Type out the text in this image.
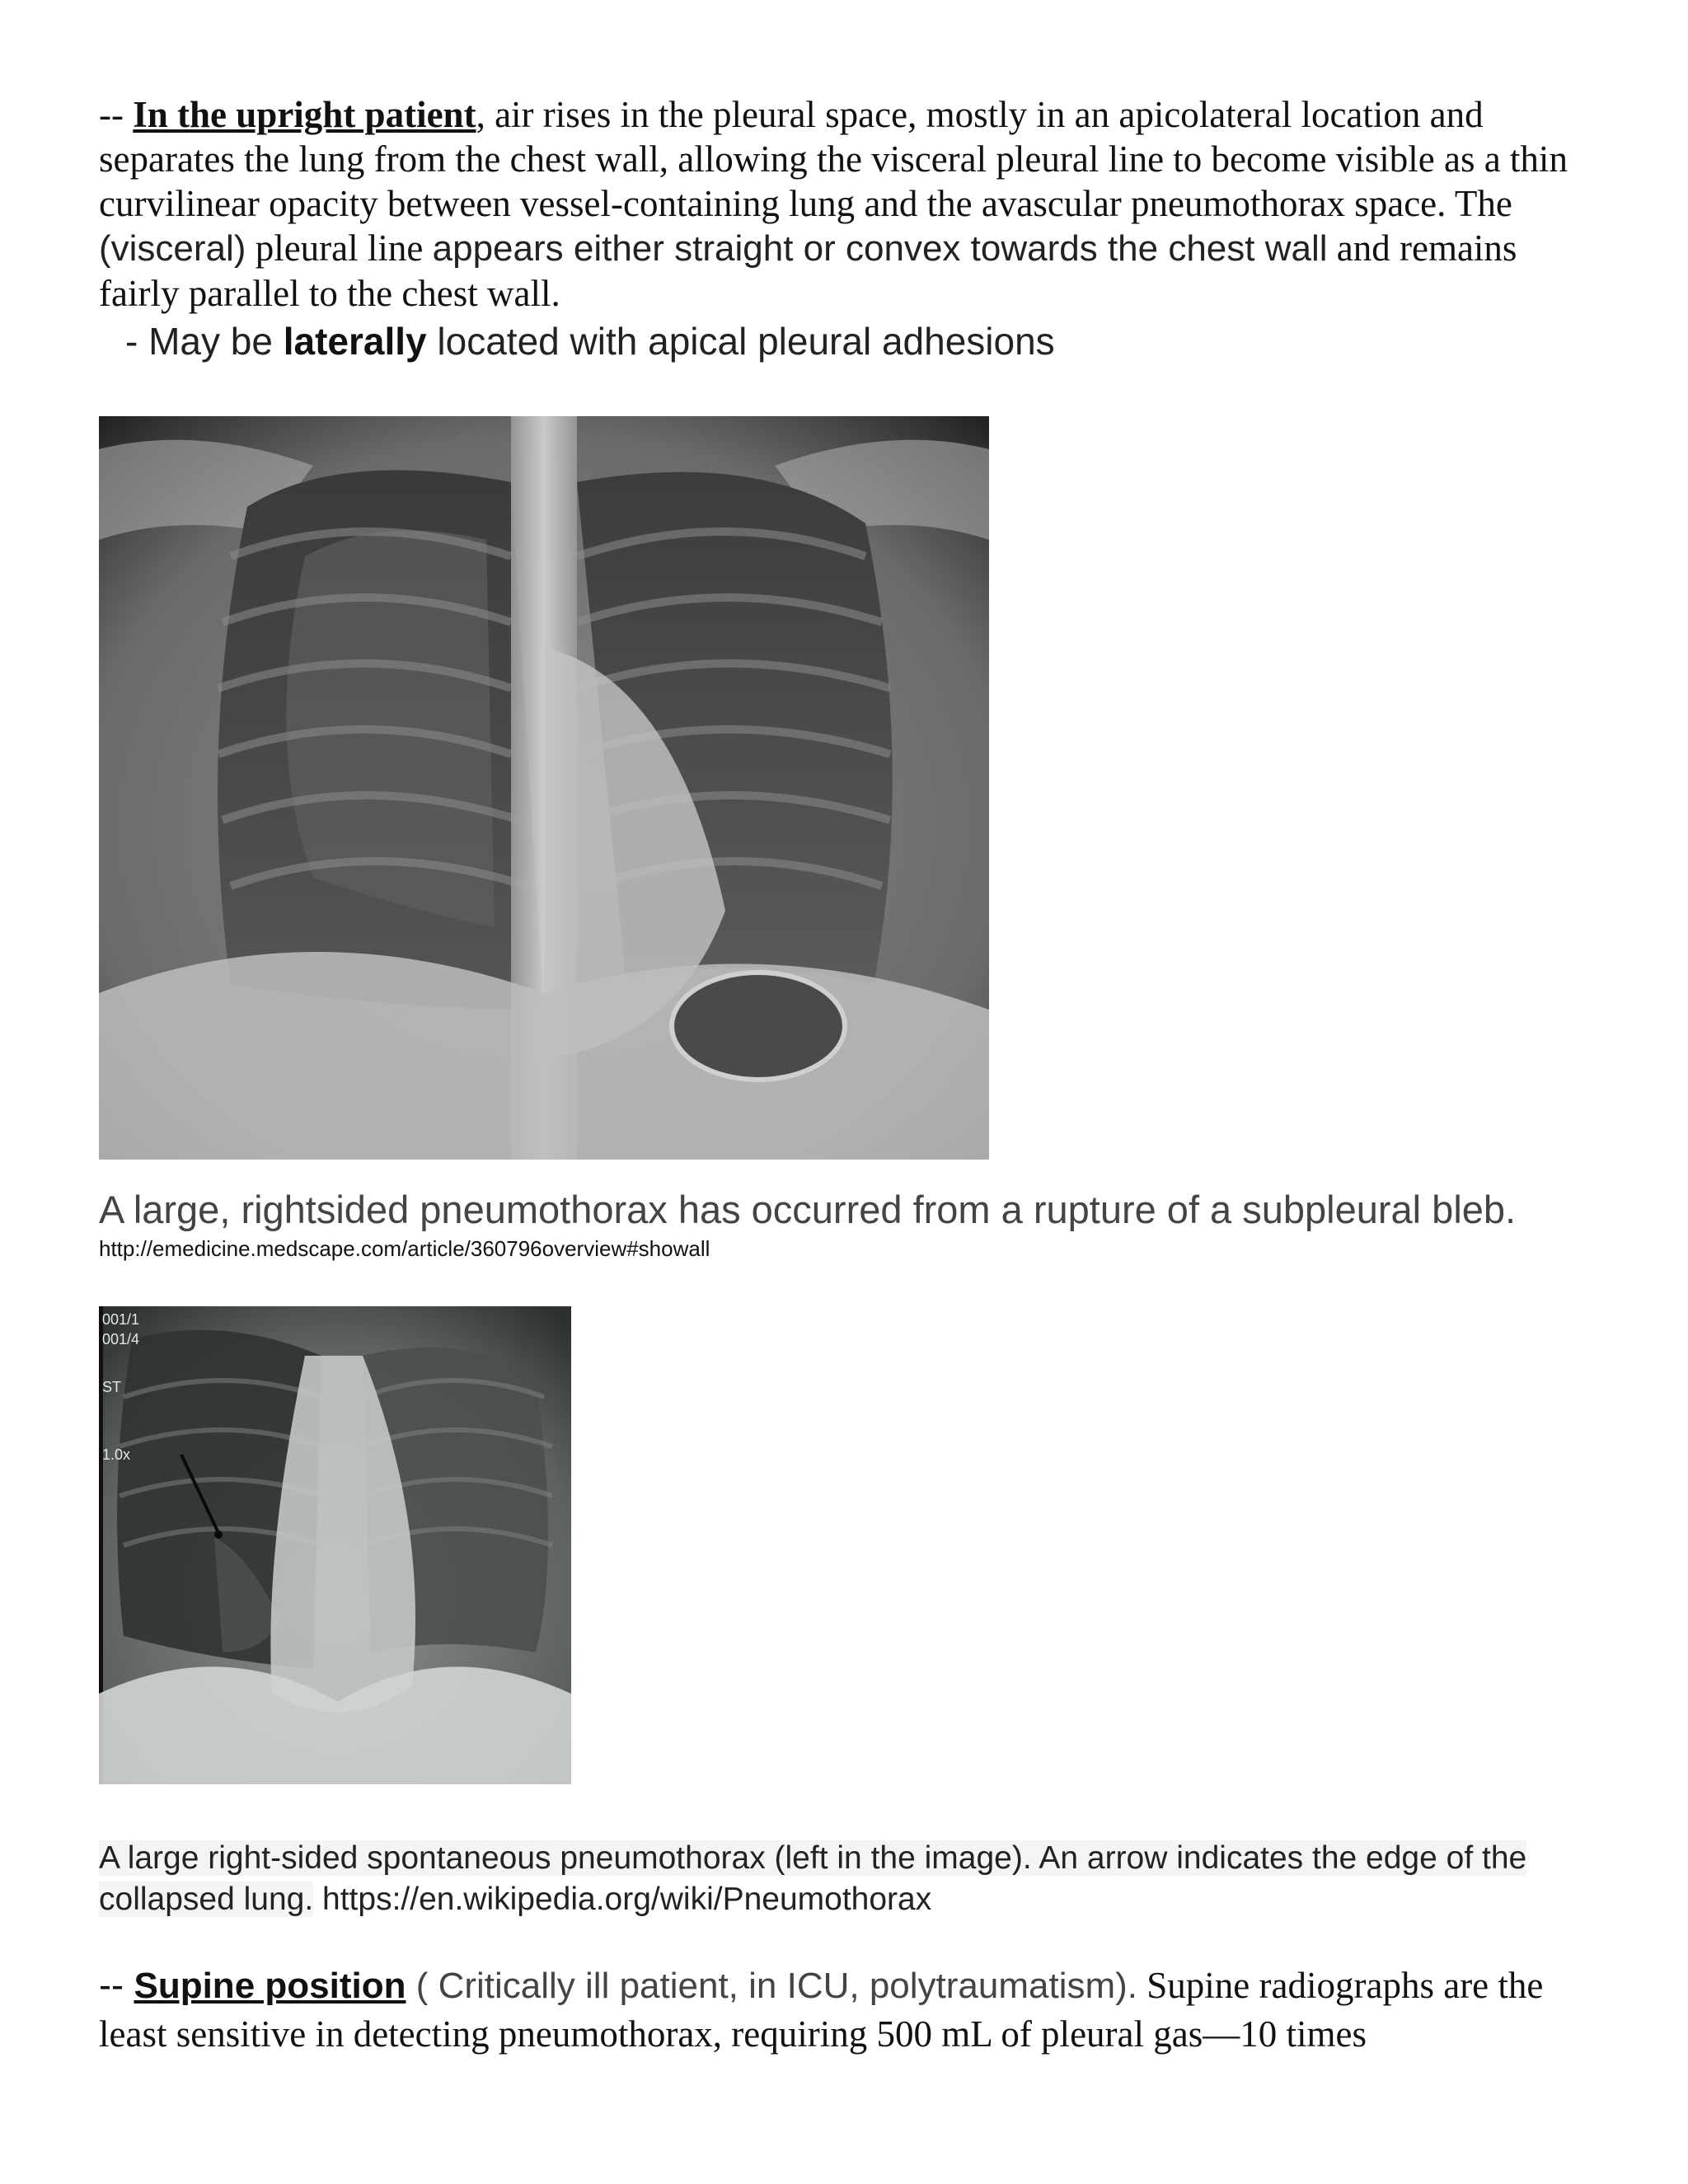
-- In the upright patient, air rises in the pleural space, mostly in an apicolateral location and separates the lung from the chest wall, allowing the visceral pleural line to become visible as a thin curvilinear opacity between vessel-containing lung and the avascular pneumothorax space. The (visceral) pleural line appears either straight or convex towards the chest wall and remains fairly parallel to the chest wall.
- May be laterally located with apical pleural adhesions
A large, rightsided pneumothorax has occurred from a rupture of a subpleural bleb.
http://emedicine.medscape.com/article/360796overview#showall
001/1
001/4
ST
1.0x
A large right-sided spontaneous pneumothorax (left in the image). An arrow indicates the edge of the collapsed lung. https://en.wikipedia.org/wiki/Pneumothorax
-- Supine position ( Critically ill patient, in ICU, polytraumatism). Supine radiographs are the least sensitive in detecting pneumothorax, requiring 500 mL of pleural gas—10 times
